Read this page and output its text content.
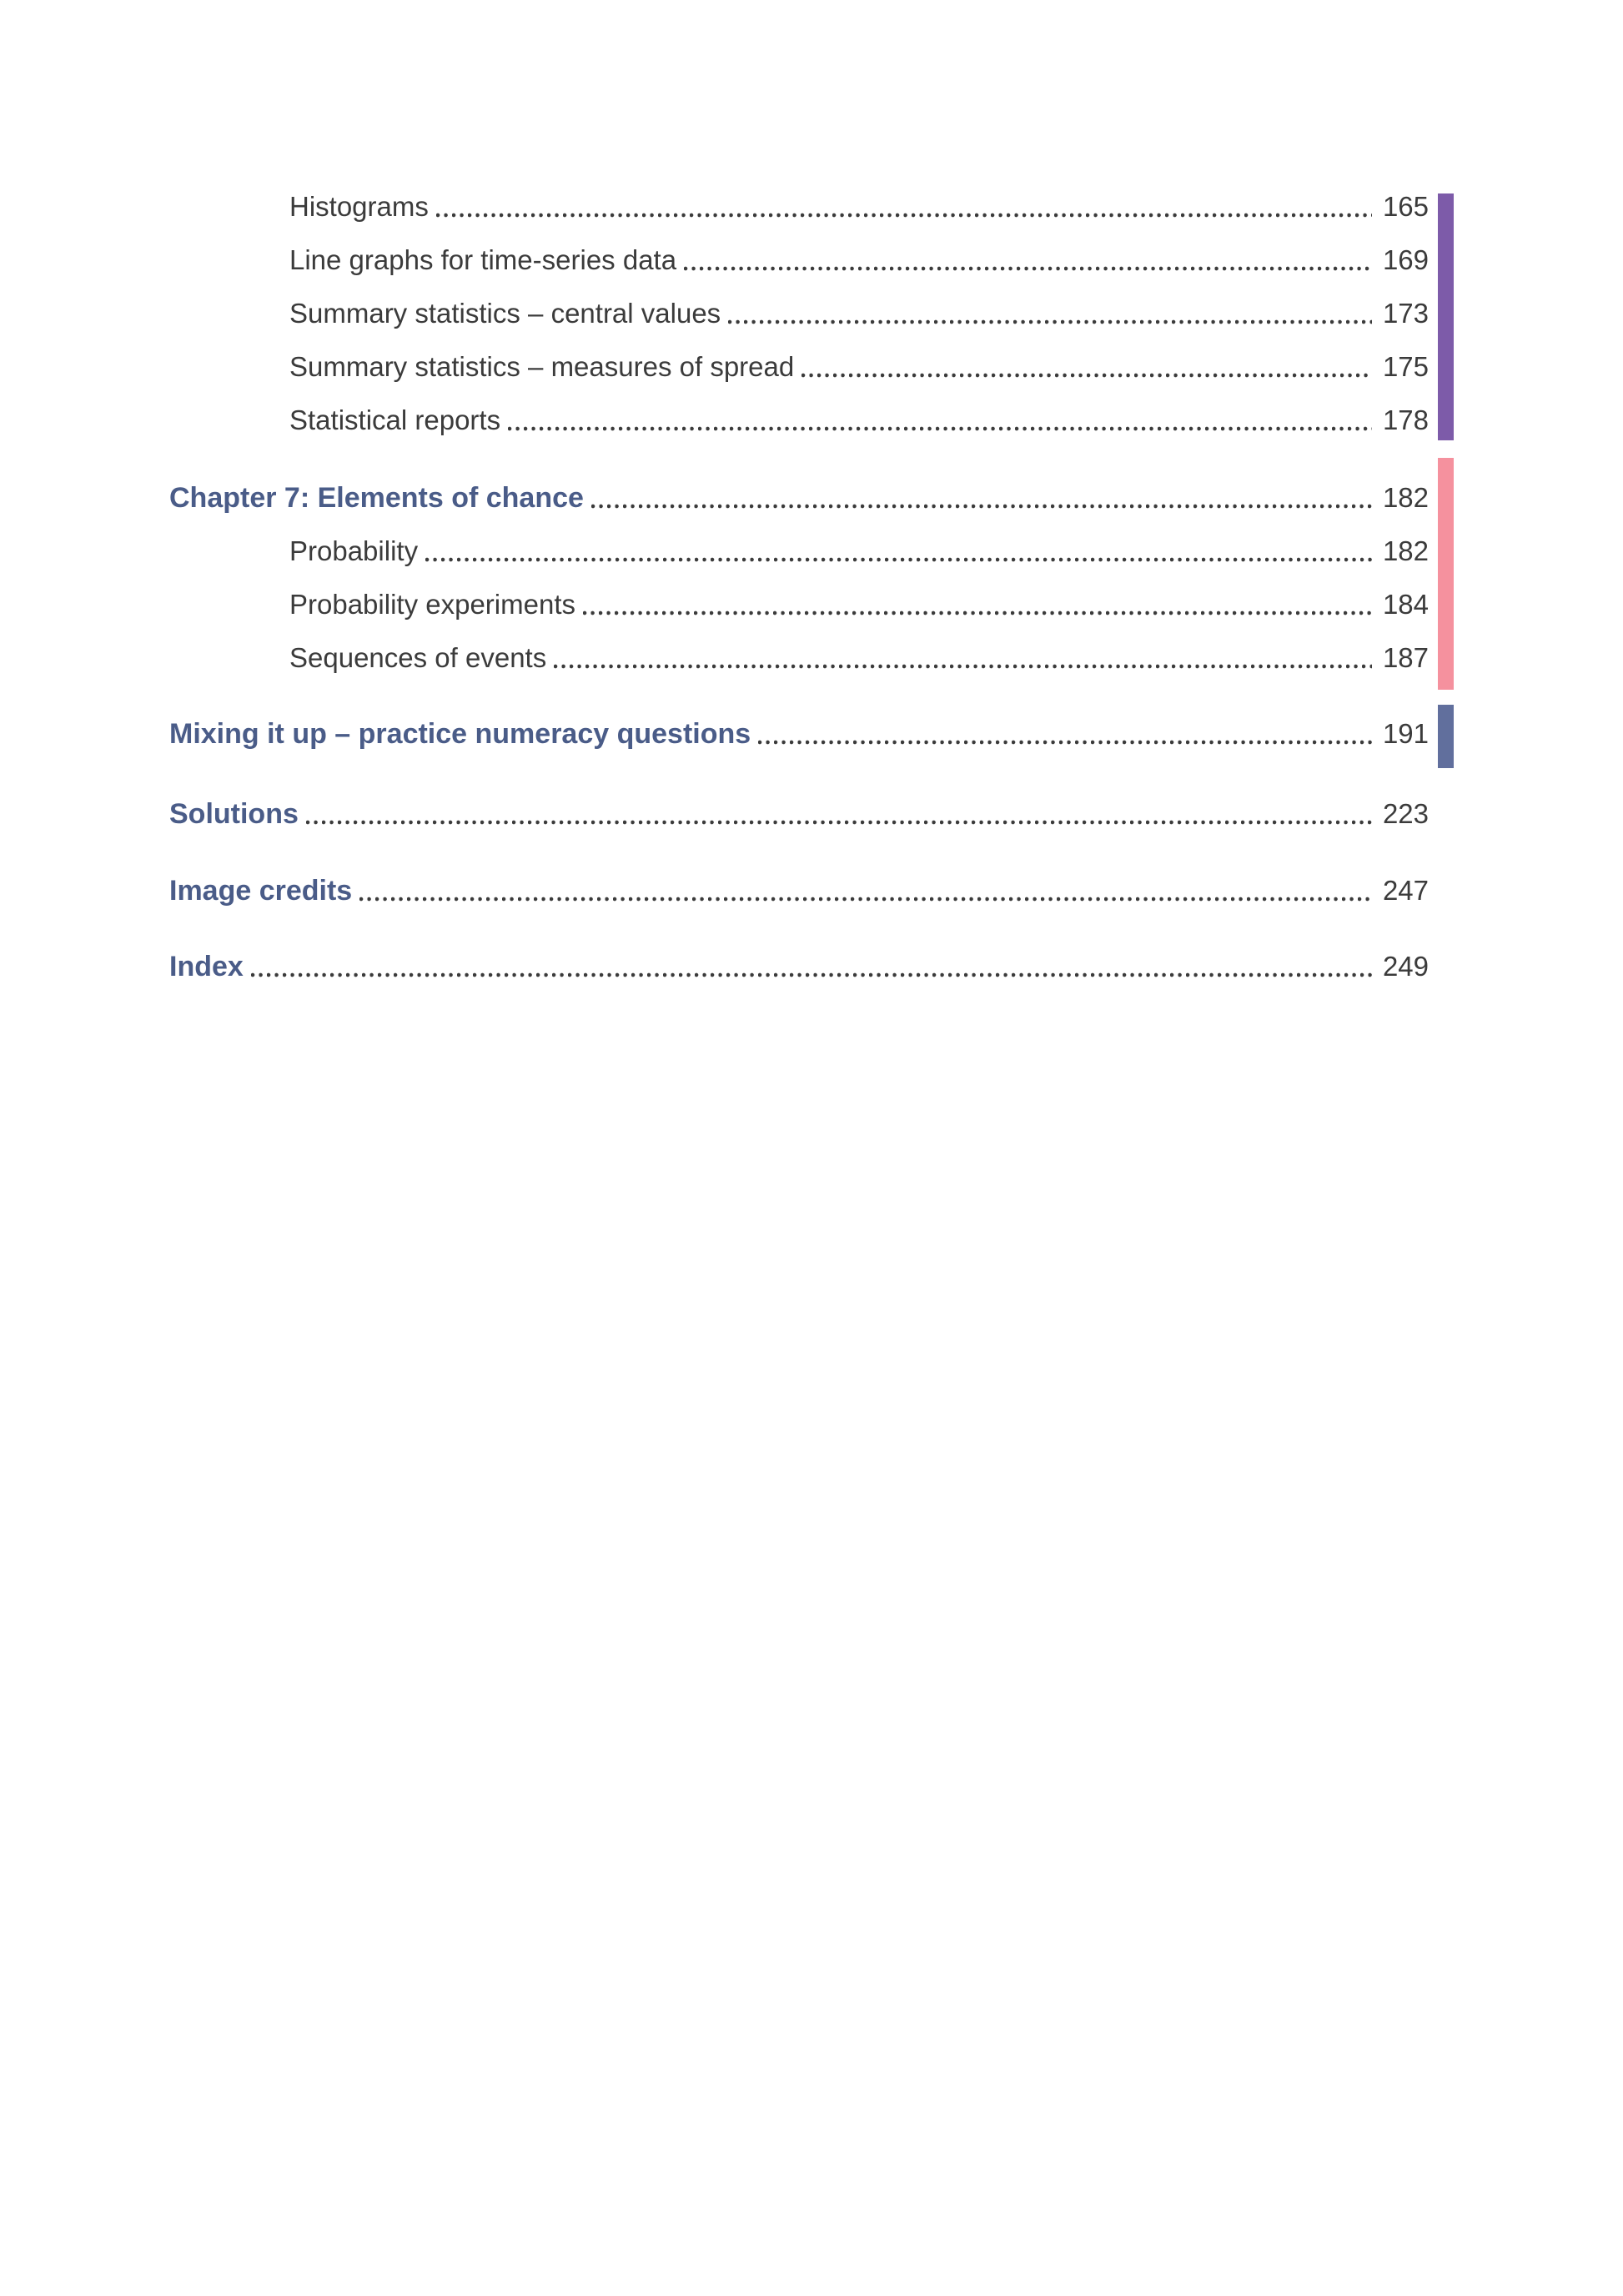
Histograms	165
Line graphs for time-series data	169
Summary statistics – central values	173
Summary statistics – measures of spread	175
Statistical reports	178
Chapter 7: Elements of chance	182
Probability	182
Probability experiments	184
Sequences of events	187
Mixing it up – practice numeracy questions	191
Solutions	223
Image credits	247
Index	249
